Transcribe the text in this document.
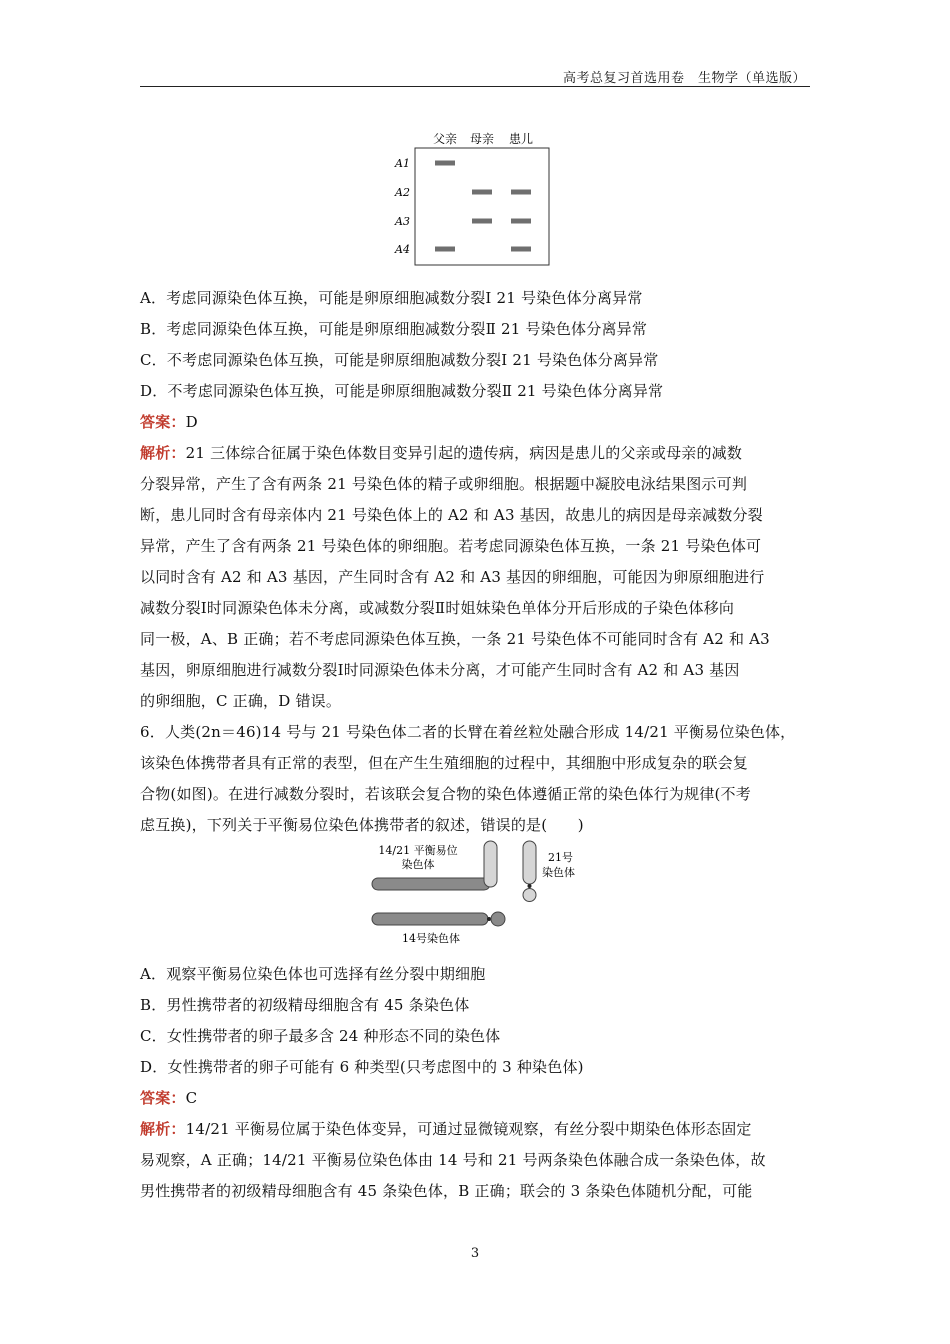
高考总复习首选用卷　生物学（单选版）
父亲 母亲 患儿
A1
A2
A3
A4
A．考虑同源染色体互换，可能是卵原细胞减数分裂Ⅰ 21 号染色体分离异常
B．考虑同源染色体互换，可能是卵原细胞减数分裂Ⅱ 21 号染色体分离异常
C．不考虑同源染色体互换，可能是卵原细胞减数分裂Ⅰ 21 号染色体分离异常
D．不考虑同源染色体互换，可能是卵原细胞减数分裂Ⅱ 21 号染色体分离异常
答案：D
解析：21 三体综合征属于染色体数目变异引起的遗传病，病因是患儿的父亲或母亲的减数
分裂异常，产生了含有两条 21 号染色体的精子或卵细胞。根据题中凝胶电泳结果图示可判
断，患儿同时含有母亲体内 21 号染色体上的 A2 和 A3 基因，故患儿的病因是母亲减数分裂
异常，产生了含有两条 21 号染色体的卵细胞。若考虑同源染色体互换，一条 21 号染色体可
以同时含有 A2 和 A3 基因，产生同时含有 A2 和 A3 基因的卵细胞，可能因为卵原细胞进行
减数分裂Ⅰ时同源染色体未分离，或减数分裂Ⅱ时姐妹染色单体分开后形成的子染色体移向
同一极，A、B 正确；若不考虑同源染色体互换，一条 21 号染色体不可能同时含有 A2 和 A3
基因，卵原细胞进行减数分裂Ⅰ时同源染色体未分离，才可能产生同时含有 A2 和 A3 基因
的卵细胞，C 正确，D 错误。
6．人类(2n＝46)14 号与 21 号染色体二者的长臂在着丝粒处融合形成 14/21 平衡易位染色体，
该染色体携带者具有正常的表型，但在产生生殖细胞的过程中，其细胞中形成复杂的联会复
合物(如图)。在进行减数分裂时，若该联会复合物的染色体遵循正常的染色体行为规律(不考
虑互换)，下列关于平衡易位染色体携带者的叙述，错误的是(　　)
14/21 平衡易位
染色体
21号
染色体
14号染色体
A．观察平衡易位染色体也可选择有丝分裂中期细胞
B．男性携带者的初级精母细胞含有 45 条染色体
C．女性携带者的卵子最多含 24 种形态不同的染色体
D．女性携带者的卵子可能有 6 种类型(只考虑图中的 3 种染色体)
答案：C
解析：14/21 平衡易位属于染色体变异，可通过显微镜观察，有丝分裂中期染色体形态固定
易观察，A 正确；14/21 平衡易位染色体由 14 号和 21 号两条染色体融合成一条染色体，故
男性携带者的初级精母细胞含有 45 条染色体，B 正确；联会的 3 条染色体随机分配，可能
3
